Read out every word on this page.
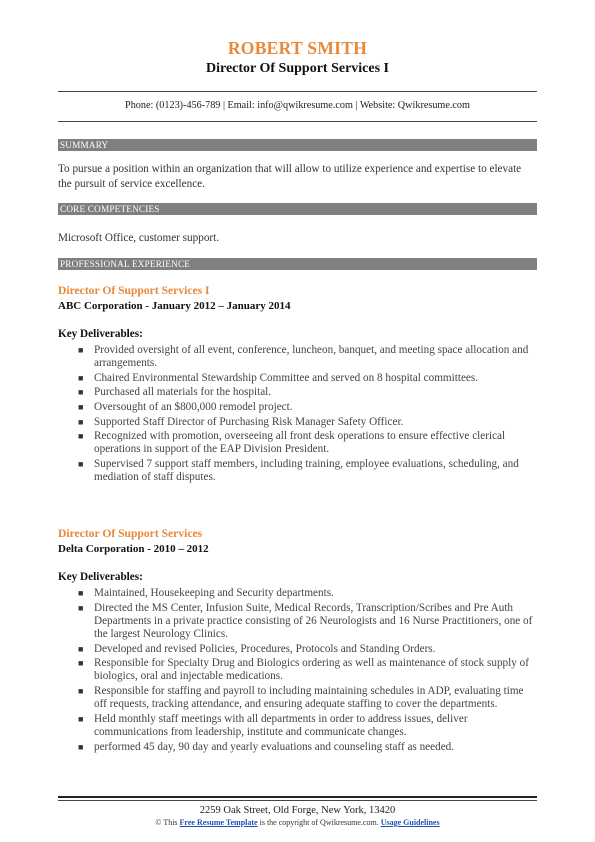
ROBERT SMITH
Director Of Support Services I
Phone: (0123)-456-789 | Email: info@qwikresume.com | Website: Qwikresume.com
SUMMARY
To pursue a position within an organization that will allow to utilize experience and expertise to elevate the pursuit of service excellence.
CORE COMPETENCIES
Microsoft Office, customer support.
PROFESSIONAL EXPERIENCE
Director Of Support Services I
ABC Corporation - January 2012 – January 2014
Key Deliverables:
■ Provided oversight of all event, conference, luncheon, banquet, and meeting space allocation and arrangements.
■ Chaired Environmental Stewardship Committee and served on 8 hospital committees.
■ Purchased all materials for the hospital.
■ Oversought of an $800,000 remodel project.
■ Supported Staff Director of Purchasing Risk Manager Safety Officer.
■ Recognized with promotion, overseeing all front desk operations to ensure effective clerical operations in support of the EAP Division President.
■ Supervised 7 support staff members, including training, employee evaluations, scheduling, and mediation of staff disputes.
Director Of Support Services
Delta Corporation - 2010 – 2012
Key Deliverables:
■ Maintained, Housekeeping and Security departments.
■ Directed the MS Center, Infusion Suite, Medical Records, Transcription/Scribes and Pre Auth Departments in a private practice consisting of 26 Neurologists and 16 Nurse Practitioners, one of the largest Neurology Clinics.
■ Developed and revised Policies, Procedures, Protocols and Standing Orders.
■ Responsible for Specialty Drug and Biologics ordering as well as maintenance of stock supply of biologics, oral and injectable medications.
■ Responsible for staffing and payroll to including maintaining schedules in ADP, evaluating time off requests, tracking attendance, and ensuring adequate staffing to cover the departments.
■ Held monthly staff meetings with all departments in order to address issues, deliver communications from leadership, institute and communicate changes.
■ performed 45 day, 90 day and yearly evaluations and counseling staff as needed.
2259 Oak Street, Old Forge, New York, 13420
© This Free Resume Template is the copyright of Qwikresume.com. Usage Guidelines
